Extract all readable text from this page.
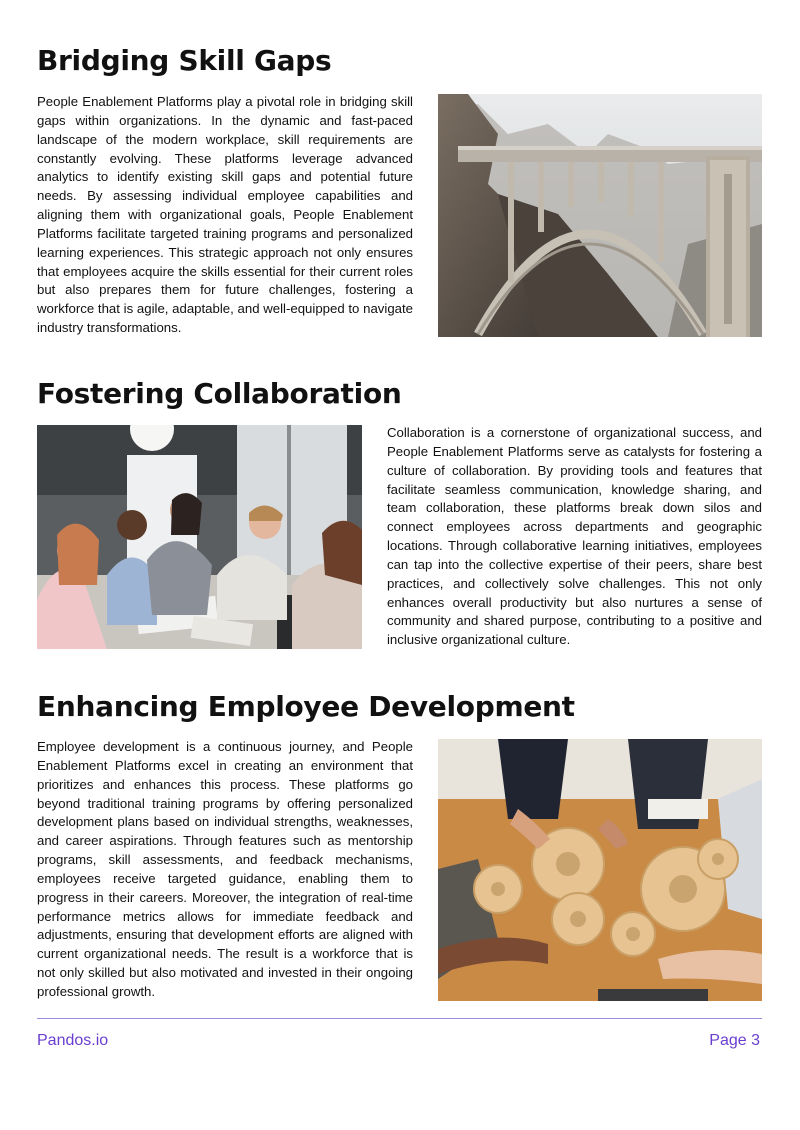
Bridging Skill Gaps

People Enablement Platforms play a pivotal role in bridging skill gaps within organizations. In the dynamic and fast-paced landscape of the modern workplace, skill requirements are constantly evolving. These platforms leverage advanced analytics to identify existing skill gaps and potential future needs. By assessing individual employee capabilities and aligning them with organizational goals, People Enablement Platforms facilitate targeted training programs and personalized learning experiences. This strategic approach not only ensures that employees acquire the skills essential for their current roles but also prepares them for future challenges, fostering a workforce that is agile, adaptable, and well-equipped to navigate industry transformations.

Fostering Collaboration

Collaboration is a cornerstone of organizational success, and People Enablement Platforms serve as catalysts for fostering a culture of collaboration. By providing tools and features that facilitate seamless communication, knowledge sharing, and team collaboration, these platforms break down silos and connect employees across departments and geographic locations. Through collaborative learning initiatives, employees can tap into the collective expertise of their peers, share best practices, and collectively solve challenges. This not only enhances overall productivity but also nurtures a sense of community and shared purpose, contributing to a positive and inclusive organizational culture.

Enhancing Employee Development

Employee development is a continuous journey, and People Enablement Platforms excel in creating an environment that prioritizes and enhances this process. These platforms go beyond traditional training programs by offering personalized development plans based on individual strengths, weaknesses, and career aspirations. Through features such as mentorship programs, skill assessments, and feedback mechanisms, employees receive targeted guidance, enabling them to progress in their careers. Moreover, the integration of real-time performance metrics allows for immediate feedback and adjustments, ensuring that development efforts are aligned with current organizational needs. The result is a workforce that is not only skilled but also motivated and invested in their ongoing professional growth.

Pandos.io	Page 3
